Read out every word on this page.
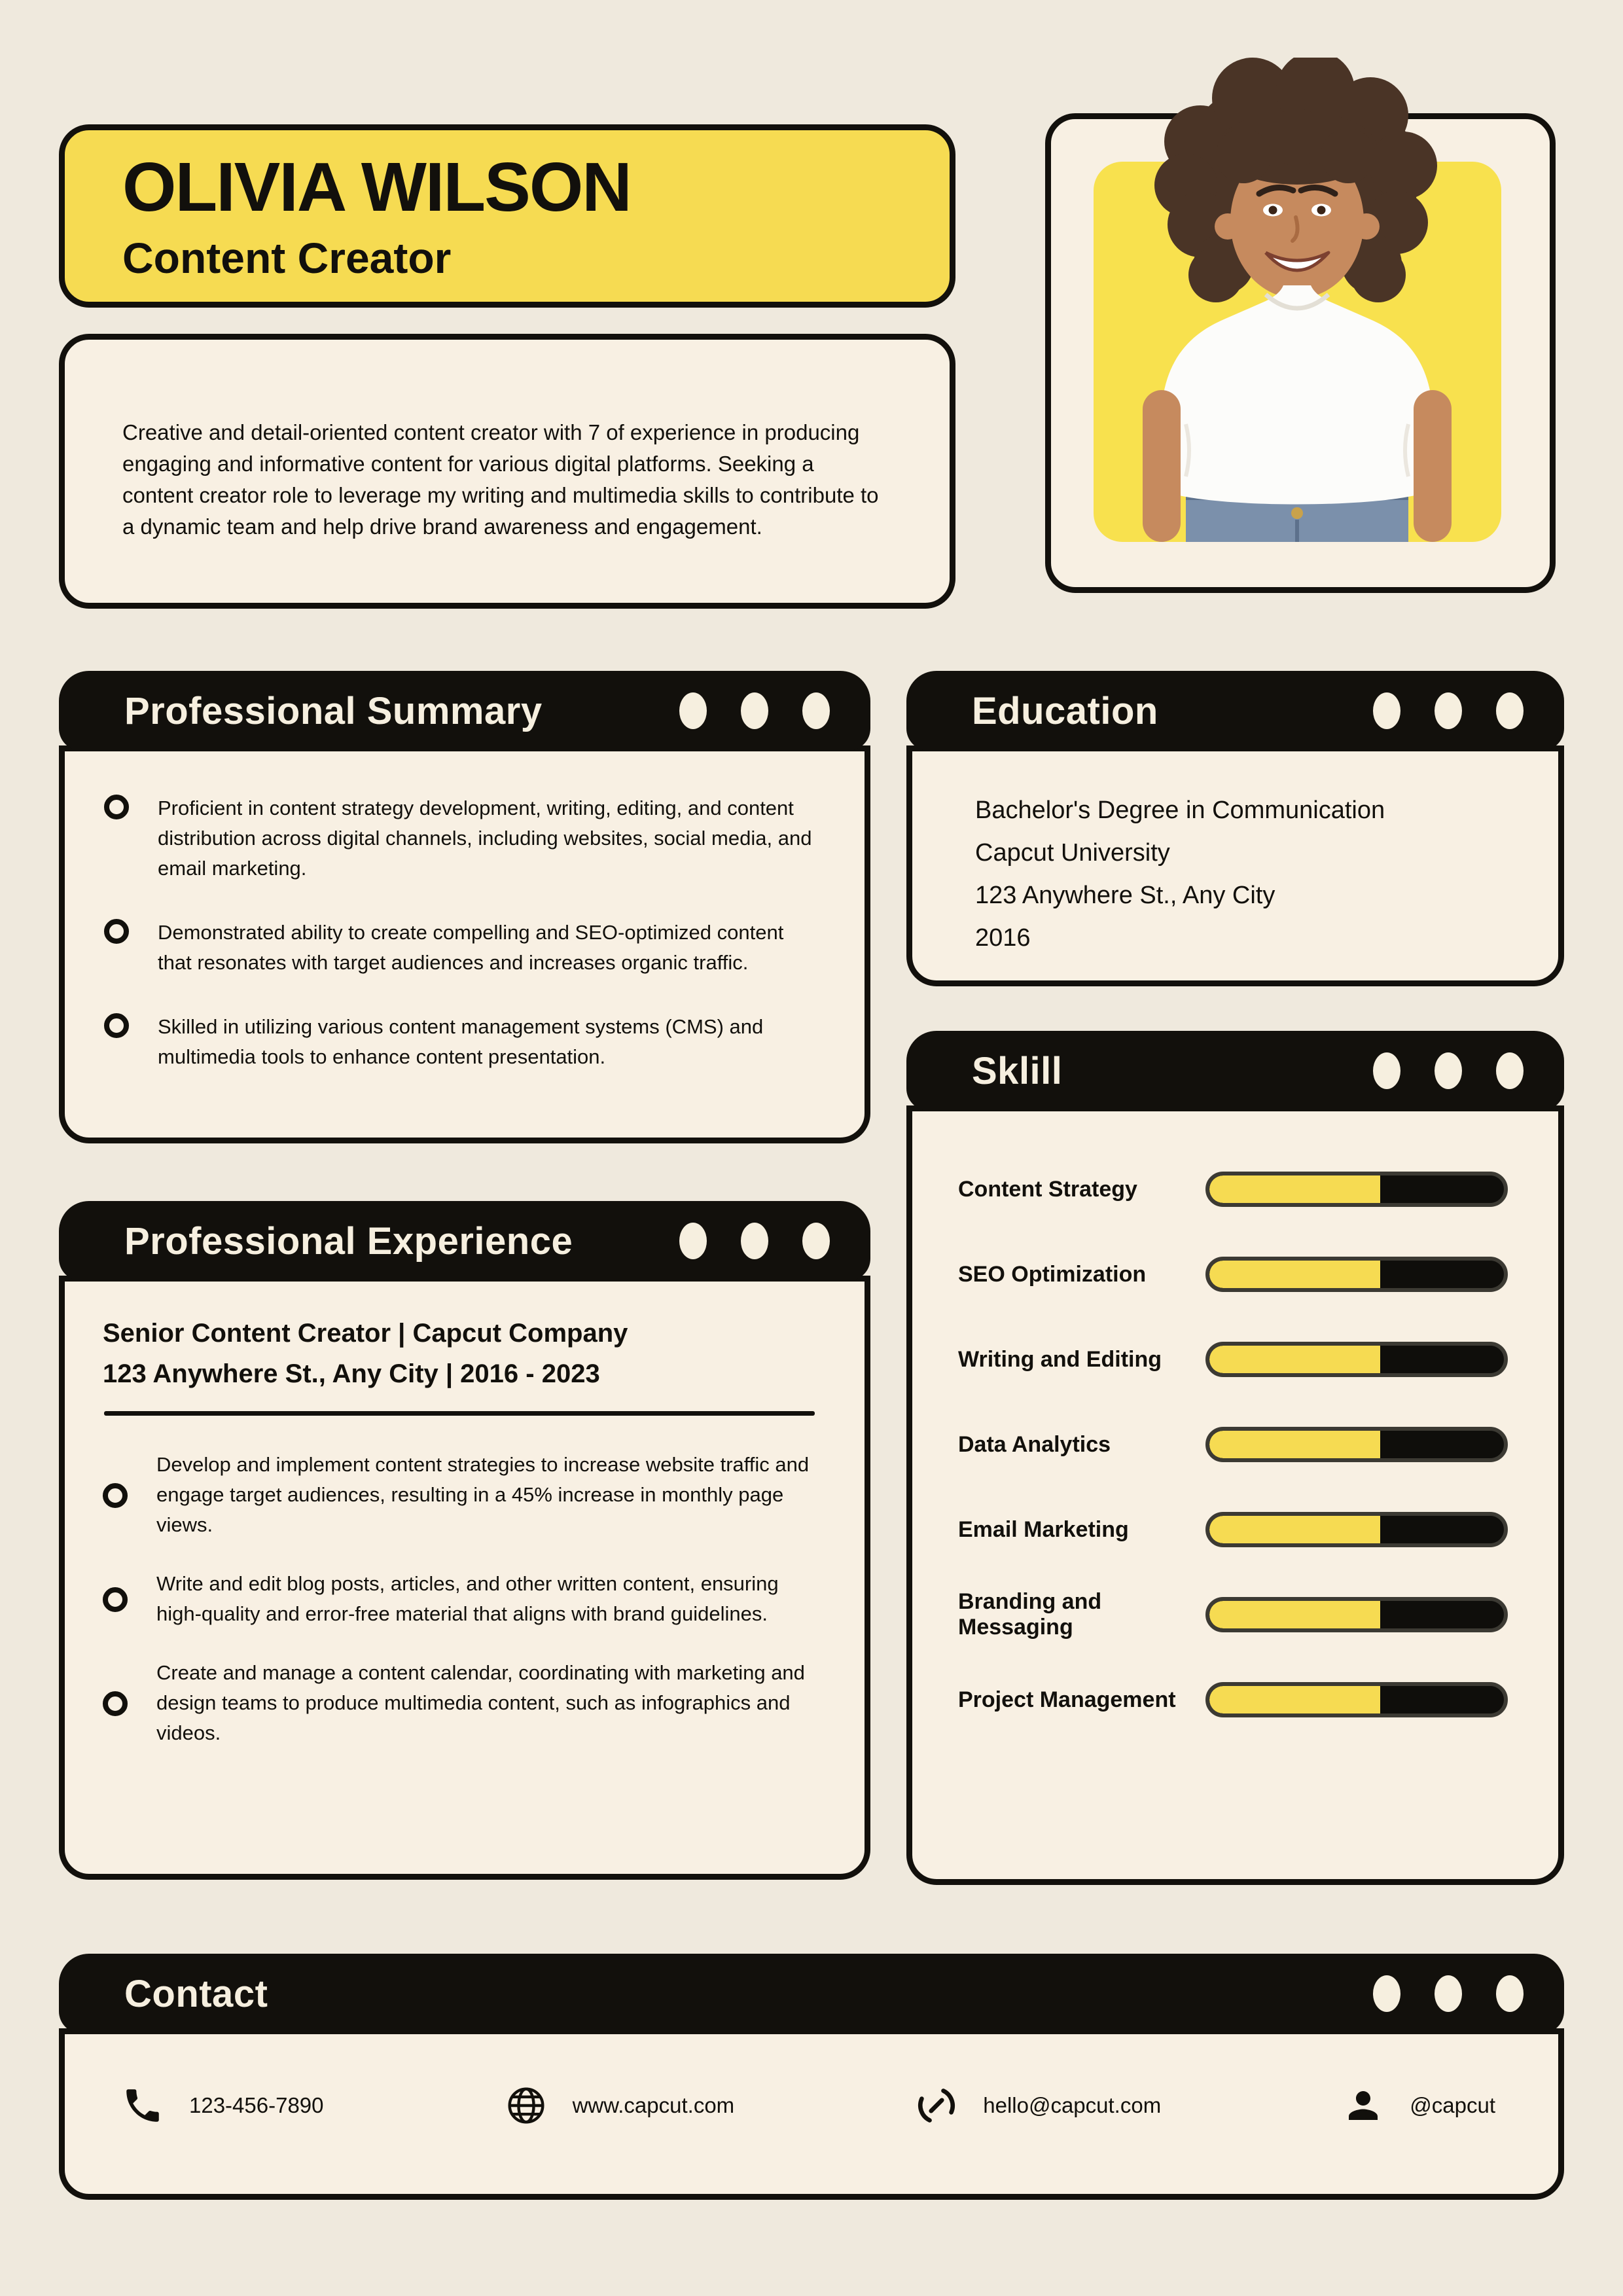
OLIVIA WILSON
Content Creator

Creative and detail-oriented content creator with 7 of experience in producing engaging and informative content for various digital platforms. Seeking a content creator role to leverage my writing and multimedia skills to contribute to a dynamic team and help drive brand awareness and engagement.

Professional Summary

Proficient in content strategy development, writing, editing, and content distribution across digital channels, including websites, social media, and email marketing.

Demonstrated ability to create compelling and SEO-optimized content that resonates with target audiences and increases organic traffic.

Skilled in utilizing various content management systems (CMS) and multimedia tools to enhance content presentation.

Education

Bachelor's Degree in Communication

Capcut University

123 Anywhere St., Any City

2016

Sklill
Content Strategy
SEO Optimization
Writing and Editing
Data Analytics
Email Marketing
Branding and Messaging
Project Management
Professional Experience

Senior Content Creator | Capcut Company

123 Anywhere St., Any City | 2016 - 2023

Develop and implement content strategies to increase website traffic and engage target audiences, resulting in a 45% increase in monthly page views.

Write and edit blog posts, articles, and other written content, ensuring high-quality and error-free material that aligns with brand guidelines.

Create and manage a content calendar, coordinating with marketing and design teams to produce multimedia content, such as infographics and videos.

Contact
123-456-7890	www.capcut.com	hello@capcut.com	@capcut
